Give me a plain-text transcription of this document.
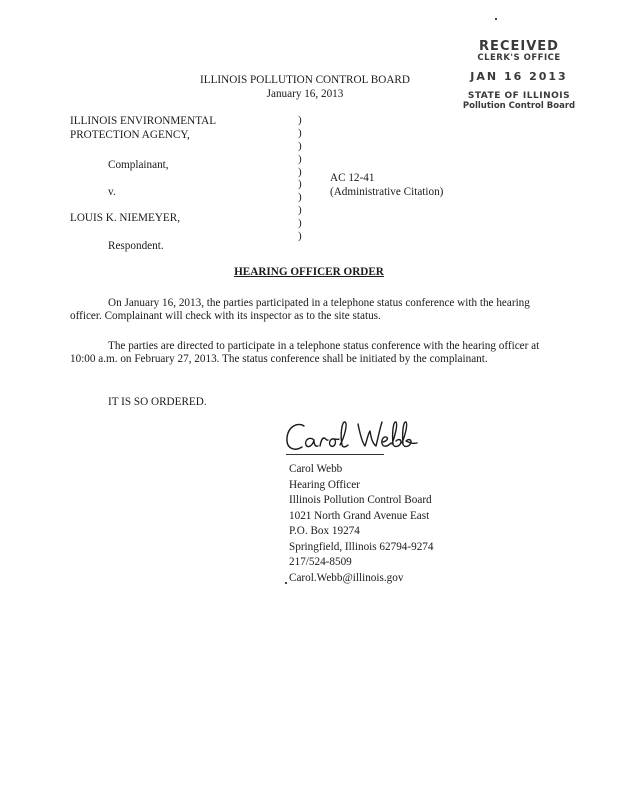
RECEIVED
CLERK'S OFFICE
JAN 16 2013
STATE OF ILLINOIS
Pollution Control Board
ILLINOIS POLLUTION CONTROL BOARD
January 16, 2013
ILLINOIS ENVIRONMENTAL
PROTECTION AGENCY,
Complainant,
v.
LOUIS K. NIEMEYER,
Respondent.
)
)
)
)
)
)
)
)
)
)
AC 12-41
(Administrative Citation)
HEARING OFFICER ORDER
On January 16, 2013, the parties participated in a telephone status conference with the hearing officer. Complainant will check with its inspector as to the site status.
The parties are directed to participate in a telephone status conference with the hearing officer at 10:00 a.m. on February 27, 2013. The status conference shall be initiated by the complainant.
IT IS SO ORDERED.
Carol Webb
Hearing Officer
Illinois Pollution Control Board
1021 North Grand Avenue East
P.O. Box 19274
Springfield, Illinois 62794-9274
217/524-8509
Carol.Webb@illinois.gov
